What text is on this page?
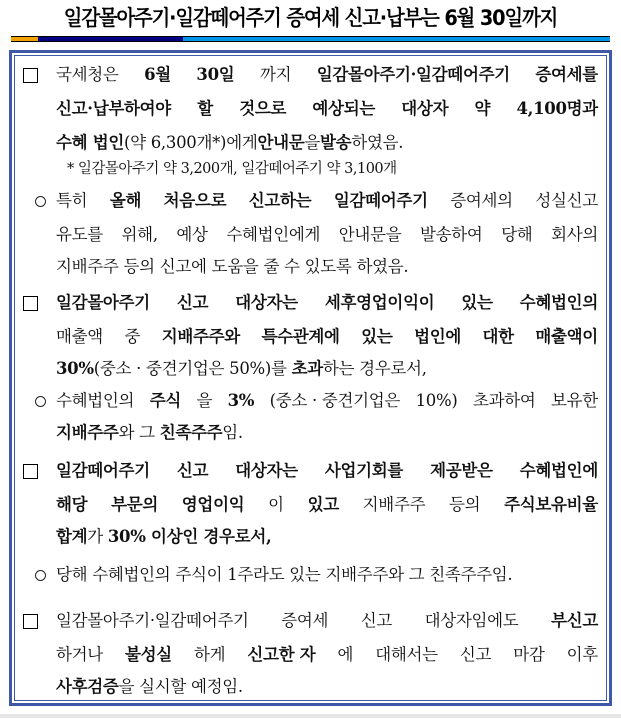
일감몰아주기·일감떼어주기 증여세 신고·납부는 6월 30일까지
국세청은 6월 30일 까지 일감몰아주기·일감떼어주기 증여세를
신고·납부하여야 할 것으로 예상되는 대상자 약 4,100명과
수혜 법인(약 6,300개*)에게안내문을발송하였음.
* 일감몰아주기 약 3,200개, 일감떼어주기 약 3,100개
특히 올해 처음으로 신고하는 일감떼어주기 증여세의 성실신고
유도를 위해, 예상 수혜법인에게 안내문을 발송하여 당해 회사의
지배주주 등의 신고에 도움을 줄 수 있도록 하였음.
일감몰아주기 신고 대상자는 세후영업이익이 있는 수혜법인의
매출액 중 지배주주와 특수관계에 있는 법인에 대한 매출액이
30%(중소 · 중견기업은 50%)를 초과하는 경우로서,
수혜법인의 주식 을 3% (중소 · 중견기업은 10%) 초과하여 보유한
지배주주와 그 친족주주임.
일감떼어주기 신고 대상자는 사업기회를 제공받은 수혜법인에
해당 부문의 영업이익 이 있고 지배주주 등의 주식보유비율
합계가 30% 이상인 경우로서,
당해 수혜법인의 주식이 1주라도 있는 지배주주와 그 친족주주임.
일감몰아주기·일감떼어주기 증여세 신고 대상자임에도 부신고
하거나 불성실 하게 신고한 자 에 대해서는 신고 마감 이후
사후검증을 실시할 예정임.
